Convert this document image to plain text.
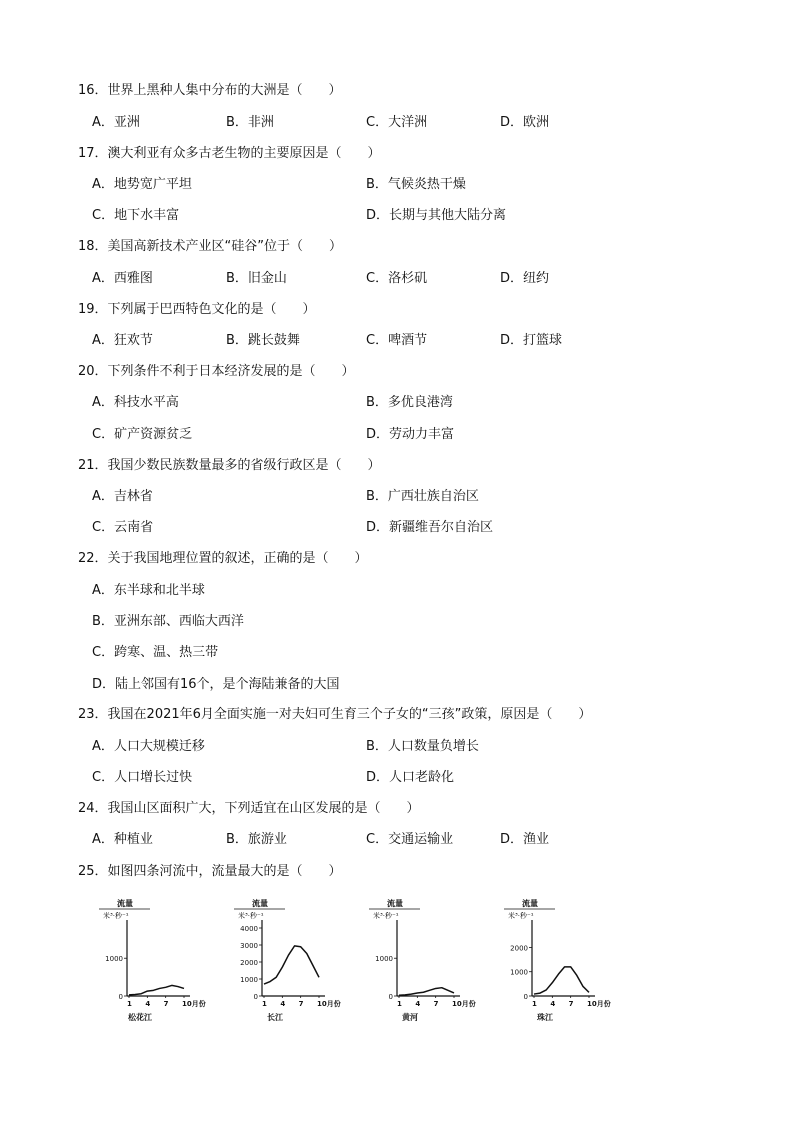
16．世界上黑种人集中分布的大洲是（　　）
A．亚洲	B．非洲	C．大洋洲	D．欧洲
17．澳大利亚有众多古老生物的主要原因是（　　）
A．地势宽广平坦	B．气候炎热干燥
C．地下水丰富	D．长期与其他大陆分离
18．美国高新技术产业区“硅谷”位于（　　）
A．西雅图	B．旧金山	C．洛杉矶	D．纽约
19．下列属于巴西特色文化的是（　　）
A．狂欢节	B．跳长鼓舞	C．啤酒节	D．打篮球
20．下列条件不利于日本经济发展的是（　　）
A．科技水平高	B．多优良港湾
C．矿产资源贫乏	D．劳动力丰富
21．我国少数民族数量最多的省级行政区是（　　）
A．吉林省	B．广西壮族自治区
C．云南省	D．新疆维吾尔自治区
22．关于我国地理位置的叙述，正确的是（　　）
A．东半球和北半球
B．亚洲东部、西临大西洋
C．跨寒、温、热三带
D．陆上邻国有16个，是个海陆兼备的大国
23．我国在2021年6月全面实施一对夫妇可生育三个子女的“三孩”政策，原因是（　　）
A．人口大规模迁移	B．人口数量负增长
C．人口增长过快	D．人口老龄化
24．我国山区面积广大，下列适宜在山区发展的是（　　）
A．种植业	B．旅游业	C．交通运输业	D．渔业
25．如图四条河流中，流量最大的是（　　）
流量
米³·秒⁻¹
0
1000
1 4 7 10月份
松花江
流量
米³·秒⁻¹
0
1000
2000
3000
4000
1 4 7 10月份
长江
流量
米³·秒⁻¹
0
1000
1 4 7 10月份
黄河
流量
米³·秒⁻¹
0
1000
2000
1 4 7 10月份
珠江
